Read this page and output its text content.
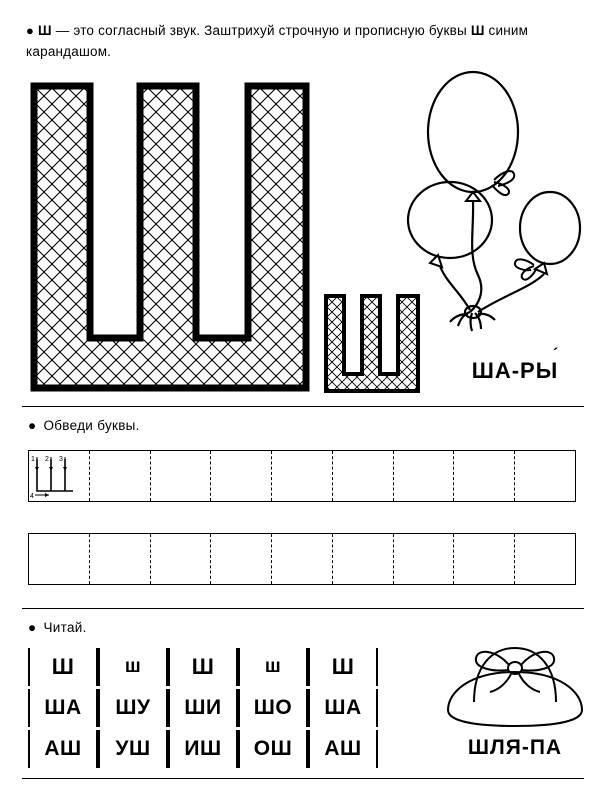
● Ш — это согласный звук. Заштрихуй строчную и прописную буквы Ш синим карандашом.
ША-РЫ ´
● Обведи буквы.
1 2 3
4
● Читай.
Ш	ш	Ш	ш	Ш
ША	ШУ	ШИ	ШО	ША
АШ	УШ	ИШ	ОШ	АШ	ШЛЯ-ПА
